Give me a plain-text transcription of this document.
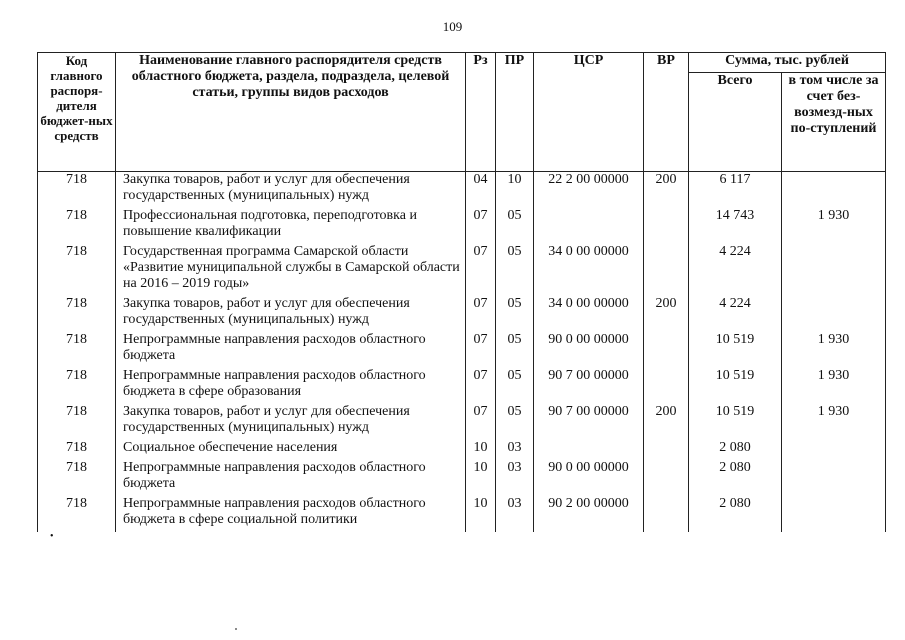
109
Код главного распоря-дителя бюджет-ных средств	Наименование главного распорядителя средств областного бюджета, раздела, подраздела, целевой статьи, группы видов расходов	Рз	ПР	ЦСР	ВР	Сумма, тыс. рублей	
						Всего	в том числе за счет без-возмезд-ных по-ступлений
718	Закупка товаров, работ и услуг для обеспечения государственных (муниципальных) нужд	04	10	22 2 00 00000	200	6 117	
718	Профессиональная подготовка, переподготовка и повышение квалификации	07	05			14 743	1 930
718	Государственная программа Самарской области «Развитие муниципальной службы в Самарской области на 2016 – 2019 годы»	07	05	34 0 00 00000		4 224	
718	Закупка товаров, работ и услуг для обеспечения государственных (муниципальных) нужд	07	05	34 0 00 00000	200	4 224	
718	Непрограммные направления расходов областного бюджета	07	05	90 0 00 00000		10 519	1 930
718	Непрограммные направления расходов областного бюджета в сфере образования	07	05	90 7 00 00000		10 519	1 930
718	Закупка товаров, работ и услуг для обеспечения государственных (муниципальных) нужд	07	05	90 7 00 00000	200	10 519	1 930
718	Социальное обеспечение населения	10	03			2 080	
718	Непрограммные направления расходов областного бюджета	10	03	90 0 00 00000		2 080	
718	Непрограммные направления расходов областного бюджета в сфере социальной политики	10	03	90 2 00 00000		2 080	
•
